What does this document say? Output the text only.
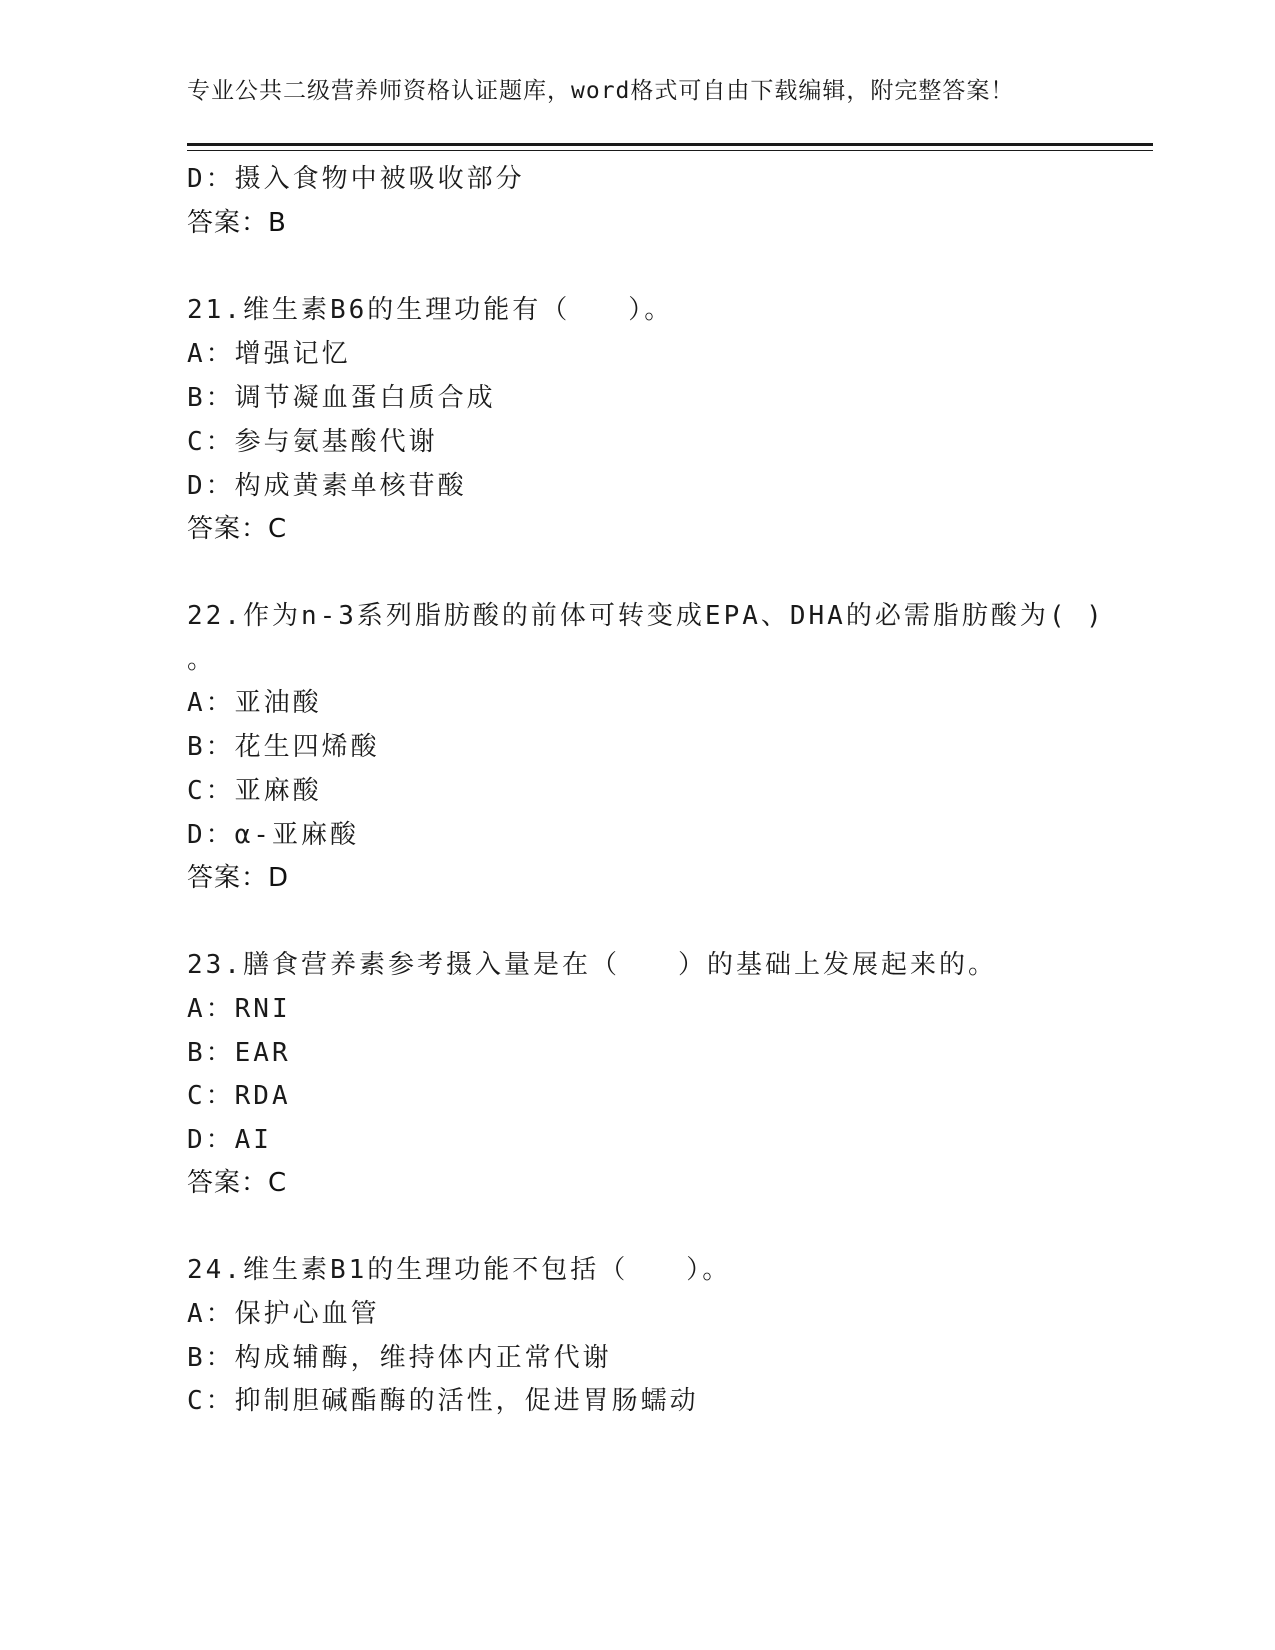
专业公共二级营养师资格认证题库，word格式可自由下载编辑，附完整答案！
D：摄入食物中被吸收部分
答案：B
21.维生素B6的生理功能有（　　）。
A：增强记忆
B：调节凝血蛋白质合成
C：参与氨基酸代谢
D：构成黄素单核苷酸
答案：C
22.作为n-3系列脂肪酸的前体可转变成EPA、DHA的必需脂肪酸为( )
。
A：亚油酸
B：花生四烯酸
C：亚麻酸
D：α-亚麻酸
答案：D
23.膳食营养素参考摄入量是在（　　）的基础上发展起来的。
A：RNI
B：EAR
C：RDA
D：AI
答案：C
24.维生素B1的生理功能不包括（　　）。
A：保护心血管
B：构成辅酶，维持体内正常代谢
C：抑制胆碱酯酶的活性，促进胃肠蠕动
